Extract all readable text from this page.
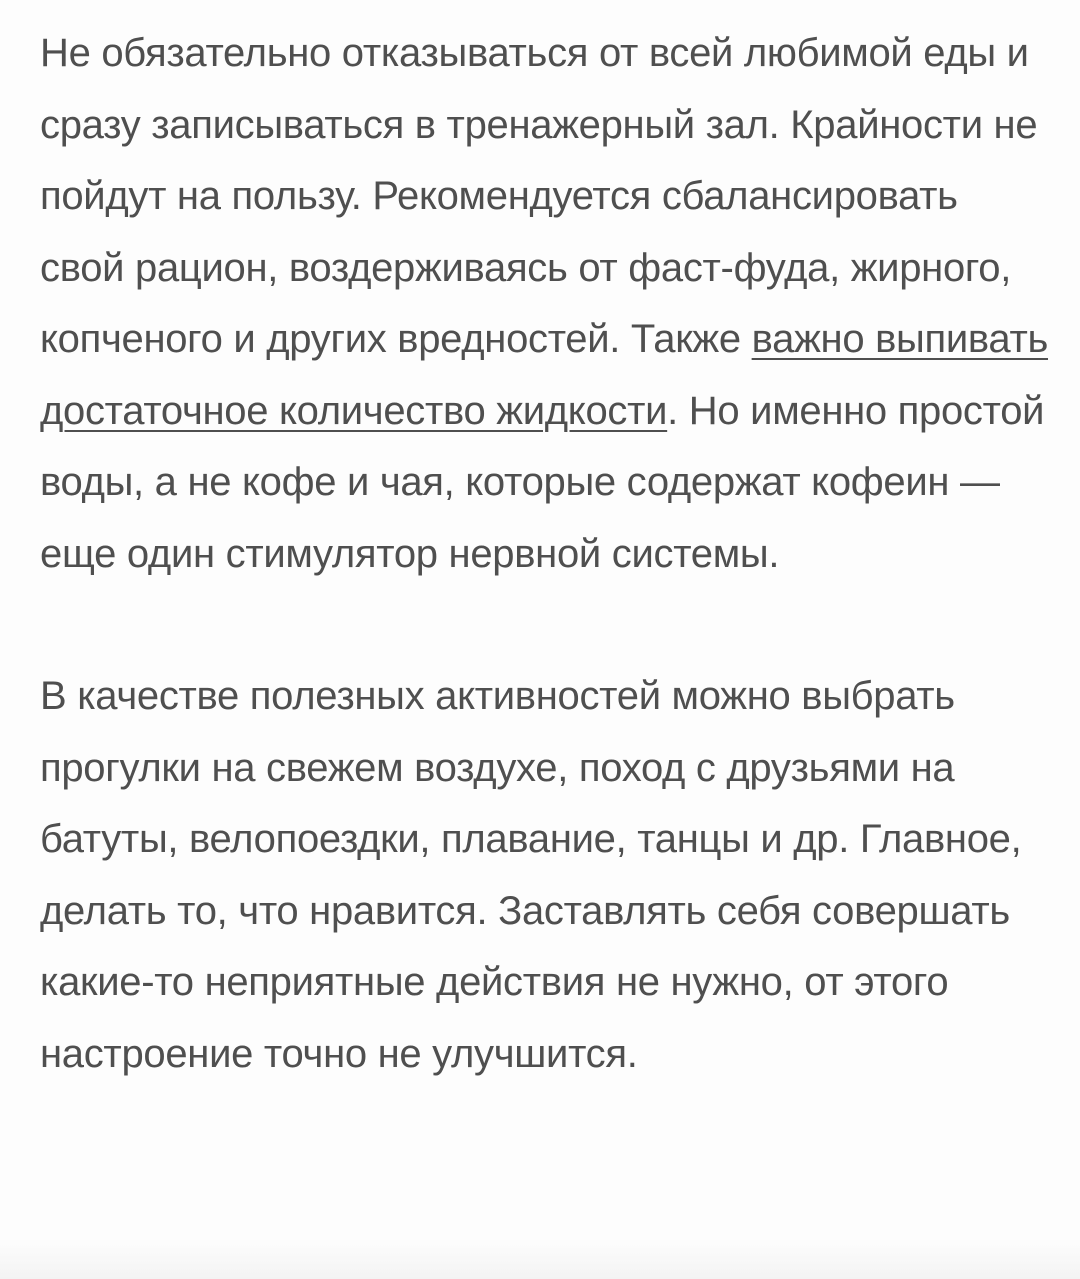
Не обязательно отказываться от всей любимой еды и сразу записываться в тренажерный зал. Крайности не пойдут на пользу. Рекомендуется сбалансировать свой рацион, воздерживаясь от фаст-фуда, жирного, копченого и других вредностей. Также важно выпивать достаточное количество жидкости. Но именно простой воды, а не кофе и чая, которые содержат кофеин — еще один стимулятор нервной системы.

В качестве полезных активностей можно выбрать прогулки на свежем воздухе, поход с друзьями на батуты, велопоездки, плавание, танцы и др. Главное, делать то, что нравится. Заставлять себя совершать какие-то неприятные действия не нужно, от этого настроение точно не улучшится.
